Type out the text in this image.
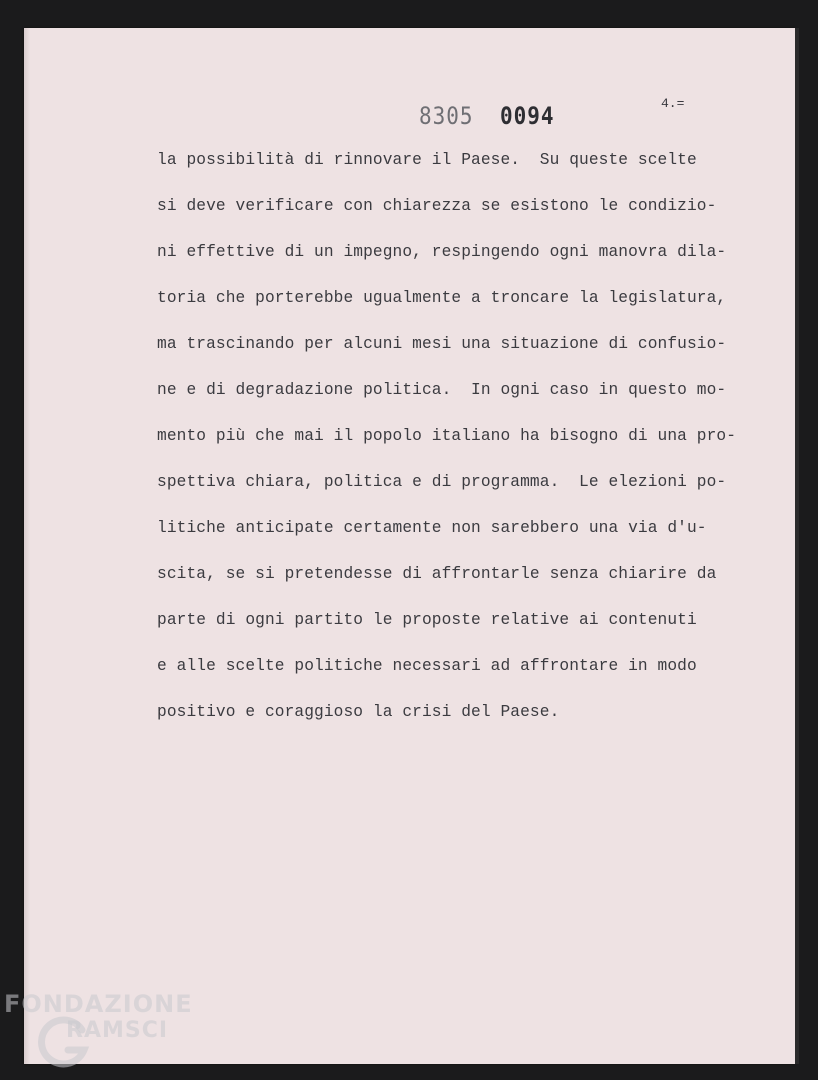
8305 0094	4.=
la possibilità di rinnovare il Paese.  Su queste scelte
si deve verificare con chiarezza se esistono le condizio-
ni effettive di un impegno, respingendo ogni manovra dila-
toria che porterebbe ugualmente a troncare la legislatura,
ma trascinando per alcuni mesi una situazione di confusio-
ne e di degradazione politica.  In ogni caso in questo mo-
mento più che mai il popolo italiano ha bisogno di una pro-
spettiva chiara, politica e di programma.  Le elezioni po-
litiche anticipate certamente non sarebbero una via d'u-
scita, se si pretendesse di affrontarle senza chiarire da
parte di ogni partito le proposte relative ai contenuti
e alle scelte politiche necessari ad affrontare in modo
positivo e coraggioso la crisi del Paese.
FONDAZIONE
RAMSCI
